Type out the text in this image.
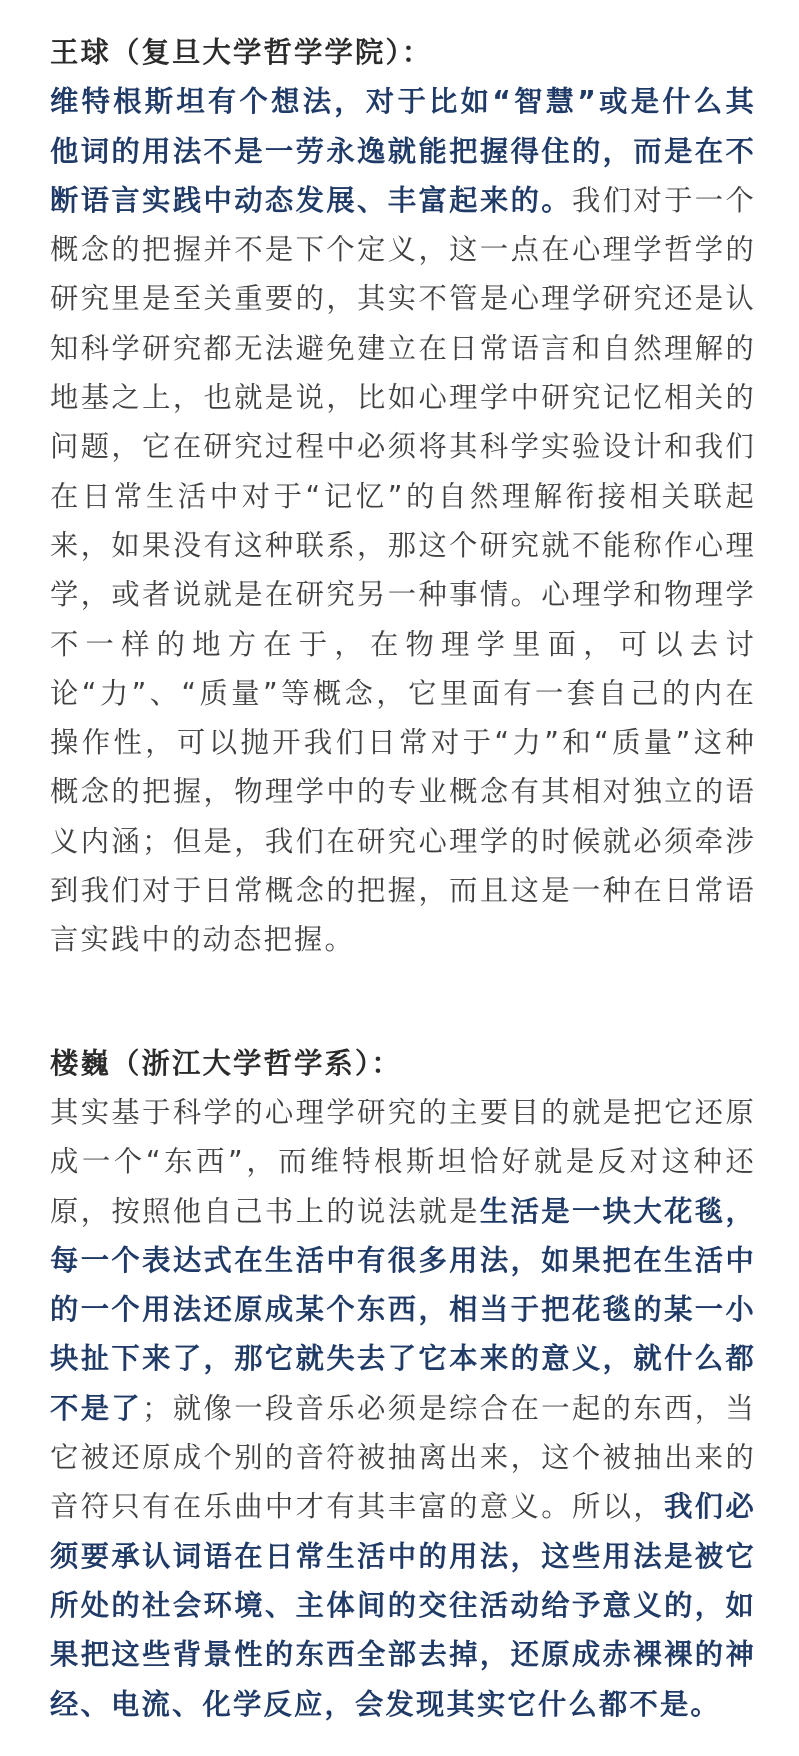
王球（复旦大学哲学学院）：

维特根斯坦有个想法，对于比如“智慧”或是什么其他词的用法不是一劳永逸就能把握得住的，而是在不断语言实践中动态发展、丰富起来的。我们对于一个概念的把握并不是下个定义，这一点在心理学哲学的研究里是至关重要的，其实不管是心理学研究还是认知科学研究都无法避免建立在日常语言和自然理解的地基之上，也就是说，比如心理学中研究记忆相关的问题，它在研究过程中必须将其科学实验设计和我们在日常生活中对于“记忆”的自然理解衔接相关联起来，如果没有这种联系，那这个研究就不能称作心理学，或者说就是在研究另一种事情。心理学和物理学不一样的地方在于，在物理学里面，可以去讨论“力”、“质量”等概念，它里面有一套自己的内在操作性，可以抛开我们日常对于“力”和“质量”这种概念的把握，物理学中的专业概念有其相对独立的语义内涵；但是，我们在研究心理学的时候就必须牵涉到我们对于日常概念的把握，而且这是一种在日常语言实践中的动态把握。

楼巍（浙江大学哲学系）：

其实基于科学的心理学研究的主要目的就是把它还原成一个“东西”，而维特根斯坦恰好就是反对这种还原，按照他自己书上的说法就是生活是一块大花毯，每一个表达式在生活中有很多用法，如果把在生活中的一个用法还原成某个东西，相当于把花毯的某一小块扯下来了，那它就失去了它本来的意义，就什么都不是了；就像一段音乐必须是综合在一起的东西，当它被还原成个别的音符被抽离出来，这个被抽出来的音符只有在乐曲中才有其丰富的意义。所以，我们必须要承认词语在日常生活中的用法，这些用法是被它所处的社会环境、主体间的交往活动给予意义的，如果把这些背景性的东西全部去掉，还原成赤裸裸的神经、电流、化学反应，会发现其实它什么都不是。
